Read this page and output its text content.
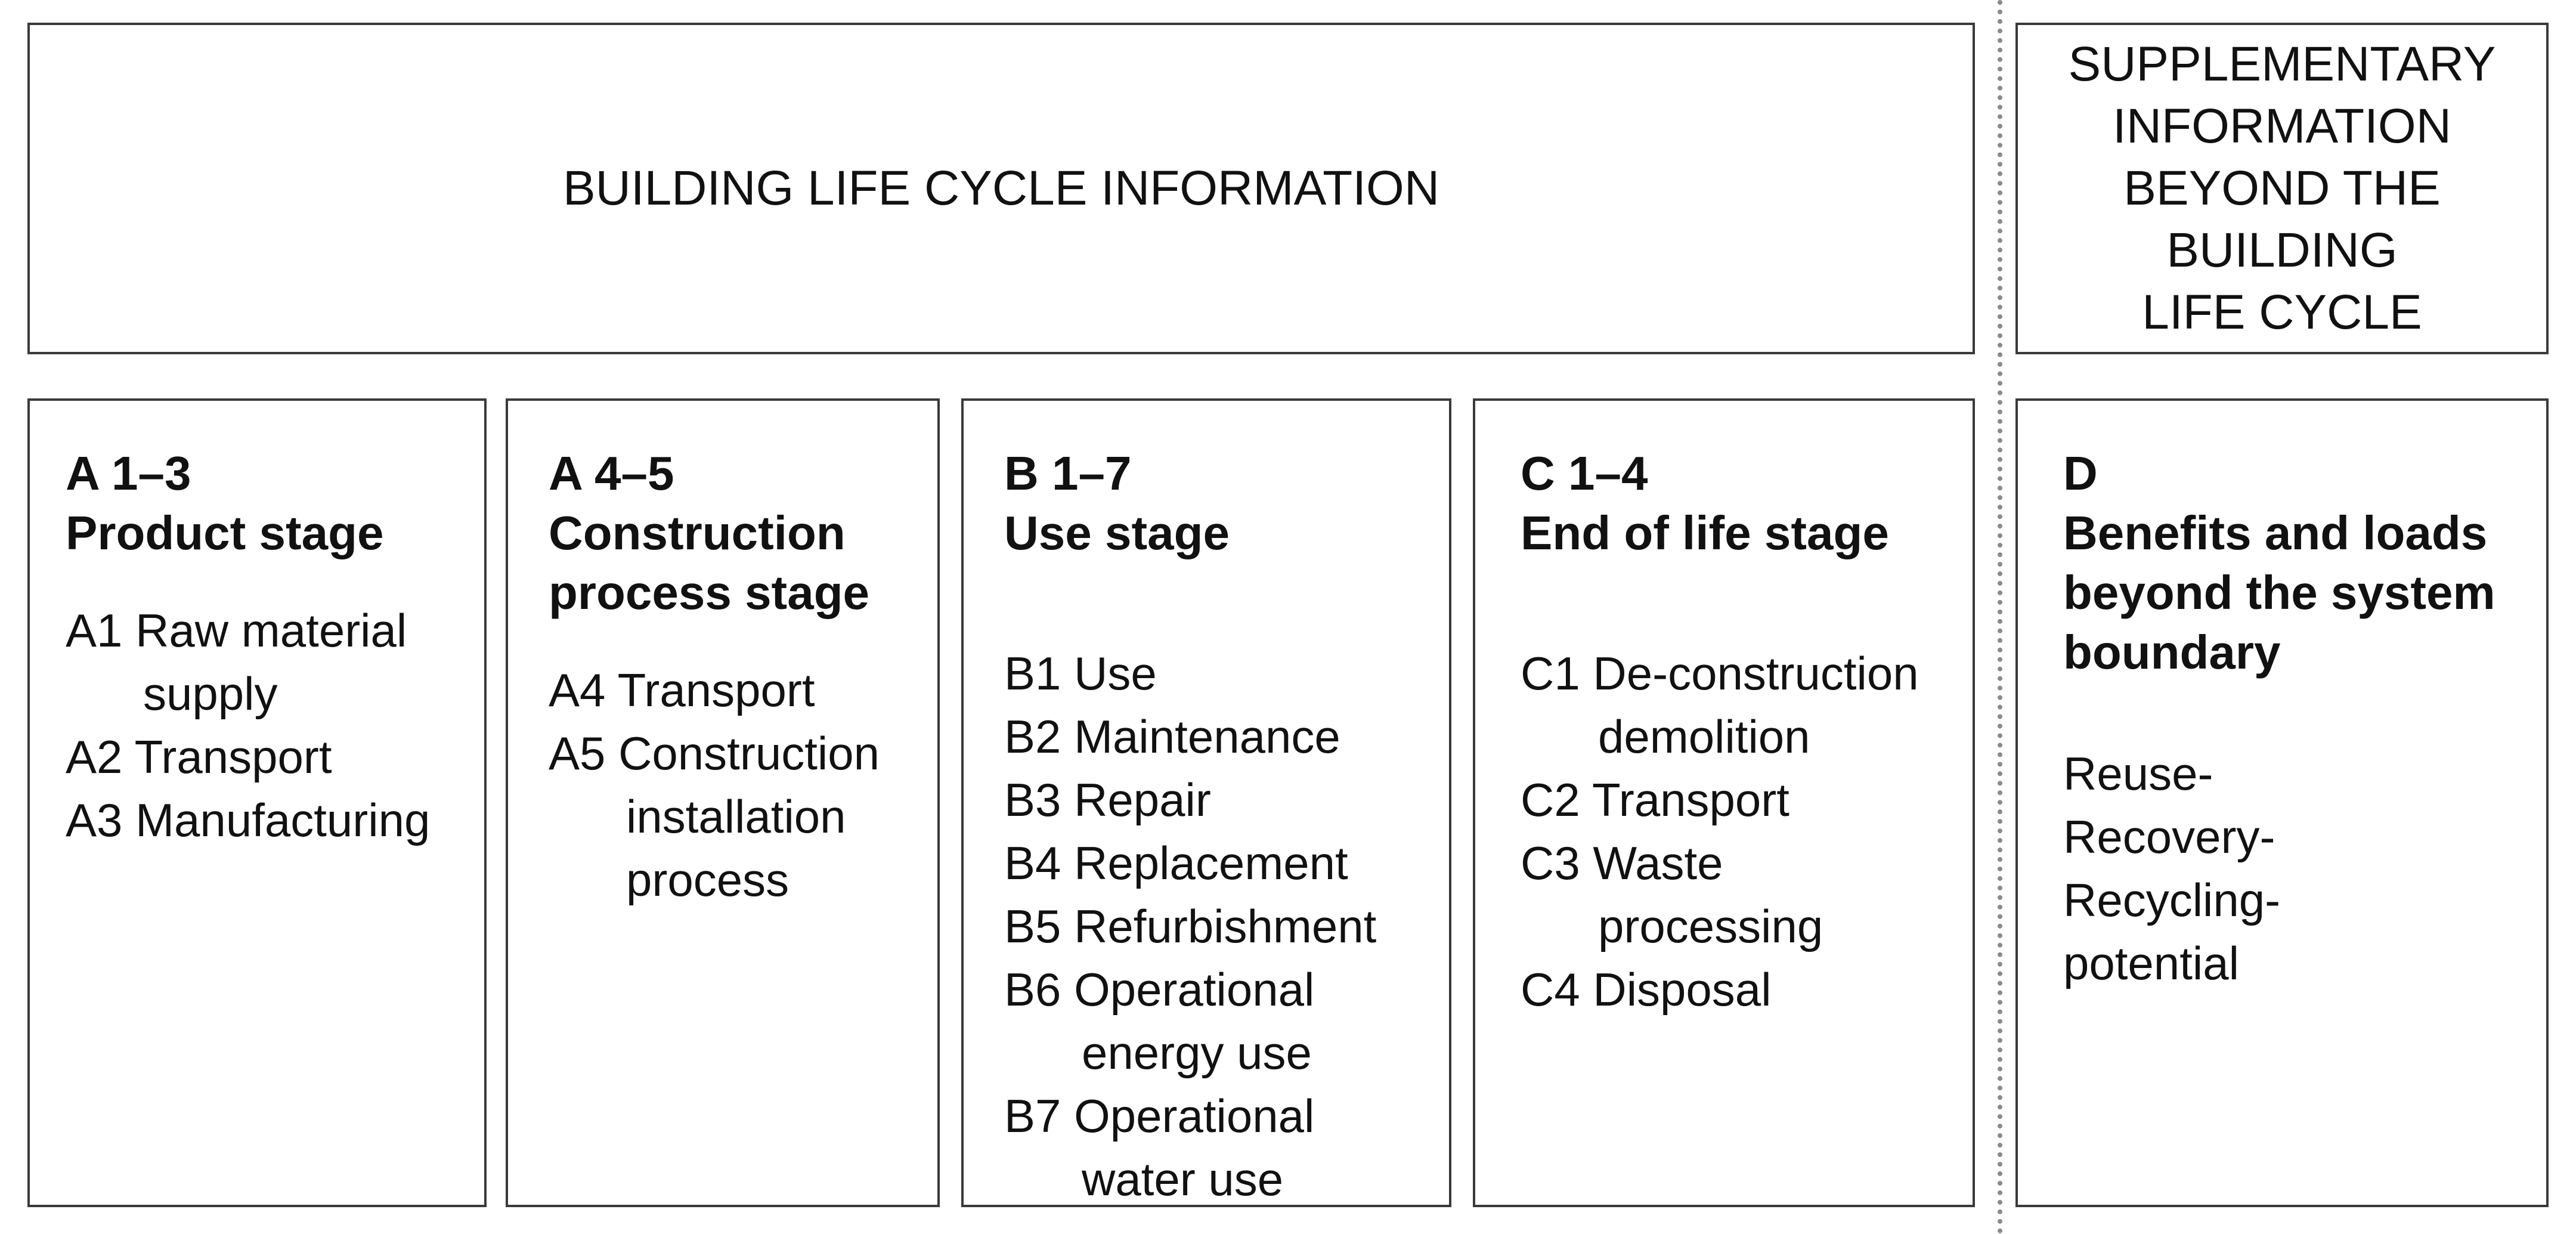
BUILDING LIFE CYCLE INFORMATION
SUPPLEMENTARY
INFORMATION
BEYOND THE
BUILDING
LIFE CYCLE
A 1–3
Product stage
A1 Raw material
supply
A2 Transport
A3 Manufacturing
A 4–5
Construction
process stage
A4 Transport
A5 Construction
installation
process
B 1–7
Use stage
B1 Use
B2 Maintenance
B3 Repair
B4 Replacement
B5 Refurbishment
B6 Operational
energy use
B7 Operational
water use
C 1–4
End of life stage
C1 De-construction
demolition
C2 Transport
C3 Waste
processing
C4 Disposal
D
Benefits and loads
beyond the system
boundary
Reuse-
Recovery-
Recycling-
potential
